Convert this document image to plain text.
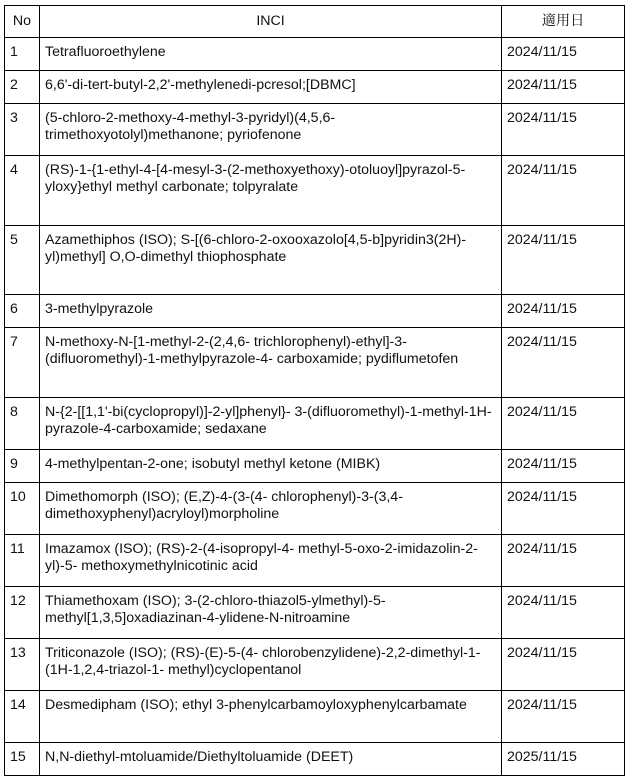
No	INCI	適用日
1	Tetrafluoroethylene	2024/11/15
2	6,6'-di-tert-butyl-2,2'-methylenedi-pcresol;[DBMC]	2024/11/15
3	(5-chloro-2-methoxy-4-methyl-3-pyridyl)(4,5,6-trimethoxyotolyl)methanone; pyriofenone	2024/11/15
4	(RS)-1-{1-ethyl-4-[4-mesyl-3-(2-methoxyethoxy)-otoluoyl]pyrazol-5-yloxy}ethyl methyl carbonate; tolpyralate	2024/11/15
5	Azamethiphos (ISO); S-[(6-chloro-2-oxooxazolo[4,5-b]pyridin3(2H)-yl)methyl] O,O-dimethyl thiophosphate	2024/11/15
6	3-methylpyrazole	2024/11/15
7	N-methoxy-N-[1-methyl-2-(2,4,6- trichlorophenyl)-ethyl]-3-(difluoromethyl)-1-methylpyrazole-4- carboxamide; pydiflumetofen	2024/11/15
8	N-{2-[[1,1'-bi(cyclopropyl)]-2-yl]phenyl}- 3-(difluoromethyl)-1-methyl-1H-pyrazole-4-carboxamide; sedaxane	2024/11/15
9	4-methylpentan-2-one; isobutyl methyl ketone (MIBK)	2024/11/15
10	Dimethomorph (ISO); (E,Z)-4-(3-(4- chlorophenyl)-3-(3,4-dimethoxyphenyl)acryloyl)morpholine	2024/11/15
11	Imazamox (ISO); (RS)-2-(4-isopropyl-4- methyl-5-oxo-2-imidazolin-2-yl)-5- methoxymethylnicotinic acid	2024/11/15
12	Thiamethoxam (ISO); 3-(2-chloro-thiazol5-ylmethyl)-5-methyl[1,3,5]oxadiazinan-4-ylidene-N-nitroamine	2024/11/15
13	Triticonazole (ISO); (RS)-(E)-5-(4- chlorobenzylidene)-2,2-dimethyl-1-(1H-1,2,4-triazol-1- methyl)cyclopentanol	2024/11/15
14	Desmedipham (ISO); ethyl 3-phenylcarbamoyloxyphenylcarbamate	2024/11/15
15	N,N-diethyl-mtoluamide/Diethyltoluamide (DEET)	2025/11/15
